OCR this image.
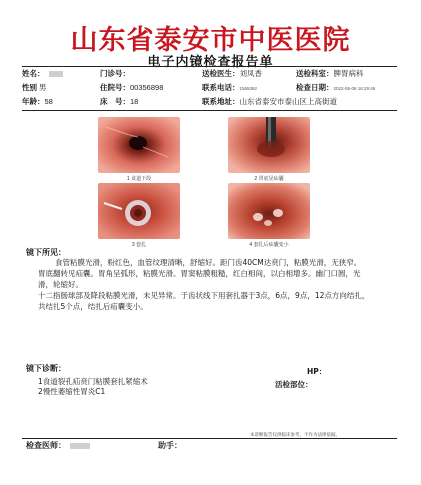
山东省泰安市中医医院
电子内镜检查报告单
姓名：	门诊号：	送检医生：刘凤香	送检科室：脾胃病科
性别 男	住院号：00356898	联系电话：1565392	检查日期：2022-06-06 16:29:46
年龄：58	床　号：18	联系地址：山东省泰安市泰山区上高街道
1 食道下段	2 胃底见疝囊
3 套扎	4 套扎后疝囊变小
镜下所见：

食管粘膜光滑，粉红色，血管纹理清晰，舒缩好。距门齿40CM达贲门，粘膜光滑，无狭窄。

胃底翻转见疝囊。胃角呈弧形，粘膜光滑。胃窦粘膜粗糙，红白相间，以白相增多。幽门口圆，光滑，轮缩好。

十二指肠球部及降段粘膜光滑，未见异常。于齿状线下用套扎器于3点，6点，9点，12点方向结扎，共结扎5个点，结扎后疝囊变小。

镜下诊断：	HP：
活检部位：

1食道裂孔疝贲门粘膜套扎紧缩术

2慢性萎缩性胃炎C1

本诊断报告仅供临床参考，不作为法律依据。
检查医师：	助手：
